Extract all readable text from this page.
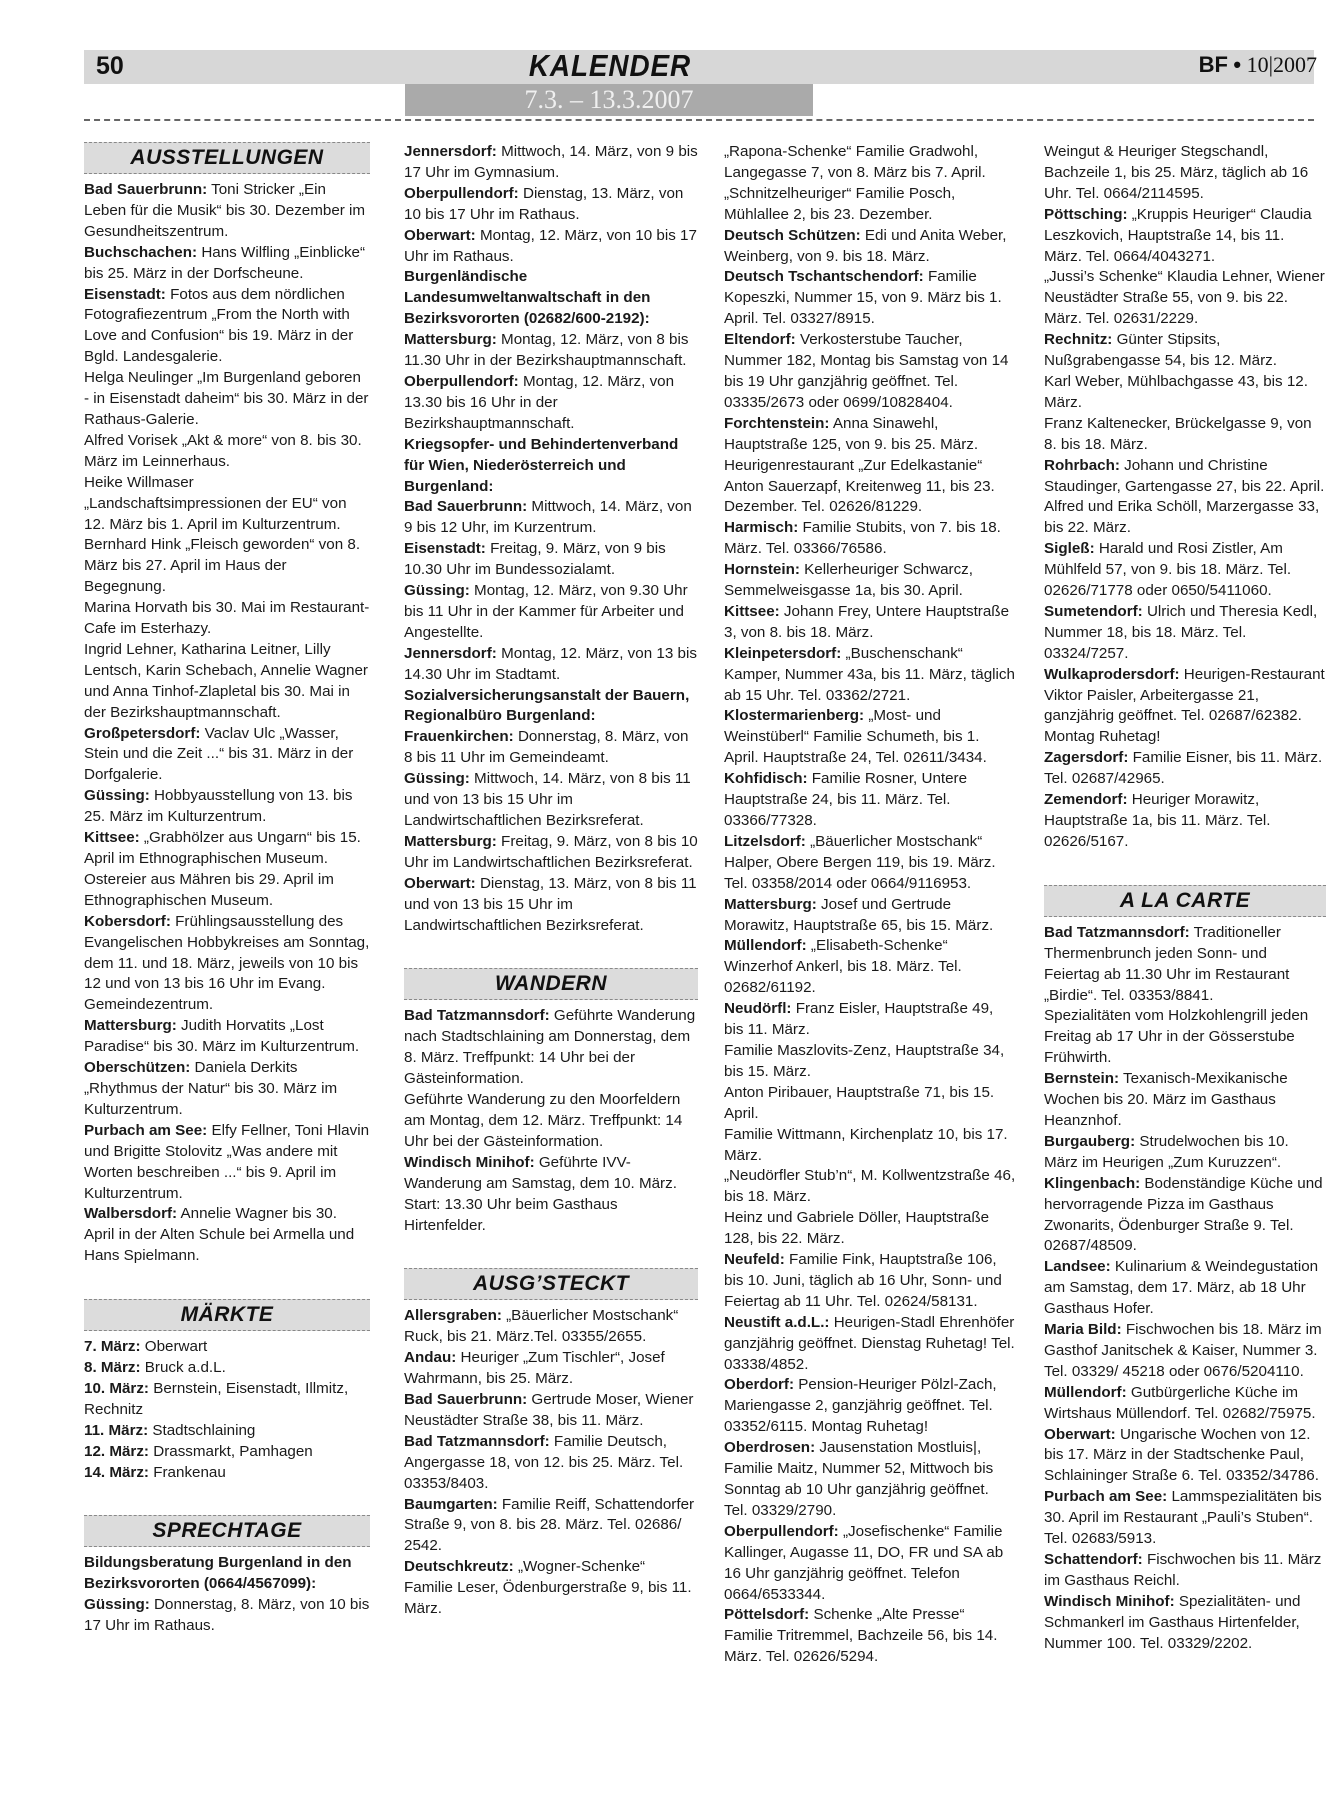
50	KALENDER
7.3. – 13.3.2007
BF • 10|2007
AUSSTELLUNGEN

Bad Sauerbrunn: Toni Stricker „Ein Leben für die Musik“ bis 30. Dezember im Gesundheitszentrum.

Buchschachen: Hans Wilfling „Einblicke“ bis 25. März in der Dorfscheune.

Eisenstadt: Fotos aus dem nördlichen Fotografiezentrum „From the North with Love and Confusion“ bis 19. März in der Bgld. Landesgalerie.

Helga Neulinger „Im Burgenland geboren - in Eisenstadt daheim“ bis 30. März in der Rathaus-Galerie.

Alfred Vorisek „Akt & more“ von 8. bis 30. März im Leinnerhaus.

Heike Willmaser „Landschaftsimpressionen der EU“ von 12. März bis 1. April im Kulturzentrum.

Bernhard Hink „Fleisch geworden“ von 8. März bis 27. April im Haus der Begegnung.

Marina Horvath bis 30. Mai im Restaurant-Cafe im Esterhazy.

Ingrid Lehner, Katharina Leitner, Lilly Lentsch, Karin Schebach, Annelie Wagner und Anna Tinhof-Zlapletal bis 30. Mai in der Bezirkshauptmannschaft.

Großpetersdorf: Vaclav Ulc „Wasser, Stein und die Zeit ...“ bis 31. März in der Dorfgalerie.

Güssing: Hobbyausstellung von 13. bis 25. März im Kulturzentrum.

Kittsee: „Grabhölzer aus Ungarn“ bis 15. April im Ethnographischen Museum.

Ostereier aus Mähren bis 29. April im Ethnographischen Museum.

Kobersdorf: Frühlingsausstellung des Evangelischen Hobbykreises am Sonntag, dem 11. und 18. März, jeweils von 10 bis 12 und von 13 bis 16 Uhr im Evang. Gemeindezentrum.

Mattersburg: Judith Horvatits „Lost Paradise“ bis 30. März im Kulturzentrum.

Oberschützen: Daniela Derkits „Rhythmus der Natur“ bis 30. März im Kulturzentrum.

Purbach am See: Elfy Fellner, Toni Hlavin und Brigitte Stolovitz „Was andere mit Worten beschreiben ...“ bis 9. April im Kulturzentrum.

Walbersdorf: Annelie Wagner bis 30. April in der Alten Schule bei Armella und Hans Spielmann.

MÄRKTE

7. März: Oberwart

8. März: Bruck a.d.L.

10. März: Bernstein, Eisenstadt, Illmitz, Rechnitz

11. März: Stadtschlaining

12. März: Drassmarkt, Pamhagen

14. März: Frankenau

SPRECHTAGE

Bildungsberatung Burgenland in den Bezirksvororten (0664/4567099):

Güssing: Donnerstag, 8. März, von 10 bis 17 Uhr im Rathaus.

Jennersdorf: Mittwoch, 14. März, von 9 bis 17 Uhr im Gymnasium.

Oberpullendorf: Dienstag, 13. März, von 10 bis 17 Uhr im Rathaus.

Oberwart: Montag, 12. März, von 10 bis 17 Uhr im Rathaus.

Burgenländische Landesumweltanwaltschaft in den Bezirksvororten (02682/600-2192):

Mattersburg: Montag, 12. März, von 8 bis 11.30 Uhr in der Bezirkshauptmannschaft.

Oberpullendorf: Montag, 12. März, von 13.30 bis 16 Uhr in der Bezirkshauptmannschaft.

Kriegsopfer- und Behindertenverband für Wien, Niederösterreich und Burgenland:

Bad Sauerbrunn: Mittwoch, 14. März, von 9 bis 12 Uhr, im Kurzentrum.

Eisenstadt: Freitag, 9. März, von 9 bis 10.30 Uhr im Bundessozialamt.

Güssing: Montag, 12. März, von 9.30 Uhr bis 11 Uhr in der Kammer für Arbeiter und Angestellte.

Jennersdorf: Montag, 12. März, von 13 bis 14.30 Uhr im Stadtamt.

Sozialversicherungsanstalt der Bauern, Regionalbüro Burgenland:

Frauenkirchen: Donnerstag, 8. März, von 8 bis 11 Uhr im Gemeindeamt.

Güssing: Mittwoch, 14. März, von 8 bis 11 und von 13 bis 15 Uhr im Landwirtschaftlichen Bezirksreferat.

Mattersburg: Freitag, 9. März, von 8 bis 10 Uhr im Landwirtschaftlichen Bezirksreferat.

Oberwart: Dienstag, 13. März, von 8 bis 11 und von 13 bis 15 Uhr im Landwirtschaftlichen Bezirksreferat.

WANDERN

Bad Tatzmannsdorf: Geführte Wanderung nach Stadtschlaining am Donnerstag, dem 8. März. Treffpunkt: 14 Uhr bei der Gästeinformation.

Geführte Wanderung zu den Moorfeldern am Montag, dem 12. März. Treffpunkt: 14 Uhr bei der Gästeinformation.

Windisch Minihof: Geführte IVV-Wanderung am Samstag, dem 10. März. Start: 13.30 Uhr beim Gasthaus Hirtenfelder.

AUSG’STECKT

Allersgraben: „Bäuerlicher Mostschank“ Ruck, bis 21. März.Tel. 03355/2655.

Andau: Heuriger „Zum Tischler“, Josef Wahrmann, bis 25. März.

Bad Sauerbrunn: Gertrude Moser, Wiener Neustädter Straße 38, bis 11. März.

Bad Tatzmannsdorf: Familie Deutsch, Angergasse 18, von 12. bis 25. März. Tel. 03353/8403.

Baumgarten: Familie Reiff, Schattendorfer Straße 9, von 8. bis 28. März. Tel. 02686/ 2542.

Deutschkreutz: „Wogner-Schenke“ Familie Leser, Ödenburgerstraße 9, bis 11. März.

„Rapona-Schenke“ Familie Gradwohl, Langegasse 7, von 8. März bis 7. April.

„Schnitzelheuriger“ Familie Posch, Mühlallee 2, bis 23. Dezember.

Deutsch Schützen: Edi und Anita Weber, Weinberg, von 9. bis 18. März.

Deutsch Tschantschendorf: Familie Kopeszki, Nummer 15, von 9. März bis 1. April. Tel. 03327/8915.

Eltendorf: Verkosterstube Taucher, Nummer 182, Montag bis Samstag von 14 bis 19 Uhr ganzjährig geöffnet. Tel. 03335/2673 oder 0699/10828404.

Forchtenstein: Anna Sinawehl, Hauptstraße 125, von 9. bis 25. März.

Heurigenrestaurant „Zur Edelkastanie“ Anton Sauerzapf, Kreitenweg 11, bis 23. Dezember. Tel. 02626/81229.

Harmisch: Familie Stubits, von 7. bis 18. März. Tel. 03366/76586.

Hornstein: Kellerheuriger Schwarcz, Semmelweisgasse 1a, bis 30. April.

Kittsee: Johann Frey, Untere Hauptstraße 3, von 8. bis 18. März.

Kleinpetersdorf: „Buschenschank“ Kamper, Nummer 43a, bis 11. März, täglich ab 15 Uhr. Tel. 03362/2721.

Klostermarienberg: „Most- und Weinstüberl“ Familie Schumeth, bis 1. April. Hauptstraße 24, Tel. 02611/3434.

Kohfidisch: Familie Rosner, Untere Hauptstraße 24, bis 11. März. Tel. 03366/77328.

Litzelsdorf: „Bäuerlicher Mostschank“ Halper, Obere Bergen 119, bis 19. März. Tel. 03358/2014 oder 0664/9116953.

Mattersburg: Josef und Gertrude Morawitz, Hauptstraße 65, bis 15. März.

Müllendorf: „Elisabeth-Schenke“ Winzerhof Ankerl, bis 18. März. Tel. 02682/61192.

Neudörfl: Franz Eisler, Hauptstraße 49, bis 11. März.

Familie Maszlovits-Zenz, Hauptstraße 34, bis 15. März.

Anton Piribauer, Hauptstraße 71, bis 15. April.

Familie Wittmann, Kirchenplatz 10, bis 17. März.

„Neudörfler Stub’n“, M. Kollwentzstraße 46, bis 18. März.

Heinz und Gabriele Döller, Hauptstraße 128, bis 22. März.

Neufeld: Familie Fink, Hauptstraße 106, bis 10. Juni, täglich ab 16 Uhr, Sonn- und Feiertag ab 11 Uhr. Tel. 02624/58131.

Neustift a.d.L.: Heurigen-Stadl Ehrenhöfer ganzjährig geöffnet. Dienstag Ruhetag! Tel. 03338/4852.

Oberdorf: Pension-Heuriger Pölzl-Zach, Mariengasse 2, ganzjährig geöffnet. Tel. 03352/6115. Montag Ruhetag!

Oberdrosen: Jausenstation Mostluis|, Familie Maitz, Nummer 52, Mittwoch bis Sonntag ab 10 Uhr ganzjährig geöffnet. Tel. 03329/2790.

Oberpullendorf: „Josefischenke“ Familie Kallinger, Augasse 11, DO, FR und SA ab 16 Uhr ganzjährig geöffnet. Telefon 0664/6533344.

Pöttelsdorf: Schenke „Alte Presse“ Familie Tritremmel, Bachzeile 56, bis 14. März. Tel. 02626/5294.

Weingut & Heuriger Stegschandl, Bachzeile 1, bis 25. März, täglich ab 16 Uhr. Tel. 0664/2114595.

Pöttsching: „Kruppis Heuriger“ Claudia Leszkovich, Hauptstraße 14, bis 11. März. Tel. 0664/4043271.

„Jussi’s Schenke“ Klaudia Lehner, Wiener Neustädter Straße 55, von 9. bis 22. März. Tel. 02631/2229.

Rechnitz: Günter Stipsits, Nußgrabengasse 54, bis 12. März.

Karl Weber, Mühlbachgasse 43, bis 12. März.

Franz Kaltenecker, Brückelgasse 9, von 8. bis 18. März.

Rohrbach: Johann und Christine Staudinger, Gartengasse 27, bis 22. April.

Alfred und Erika Schöll, Marzergasse 33, bis 22. März.

Sigleß: Harald und Rosi Zistler, Am Mühlfeld 57, von 9. bis 18. März. Tel. 02626/71778 oder 0650/5411060.

Sumetendorf: Ulrich und Theresia Kedl, Nummer 18, bis 18. März. Tel. 03324/7257.

Wulkaprodersdorf: Heurigen-Restaurant Viktor Paisler, Arbeitergasse 21, ganzjährig geöffnet. Tel. 02687/62382. Montag Ruhetag!

Zagersdorf: Familie Eisner, bis 11. März. Tel. 02687/42965.

Zemendorf: Heuriger Morawitz, Hauptstraße 1a, bis 11. März. Tel. 02626/5167.

A LA CARTE

Bad Tatzmannsdorf: Traditioneller Thermenbrunch jeden Sonn- und Feiertag ab 11.30 Uhr im Restaurant „Birdie“. Tel. 03353/8841.

Spezialitäten vom Holzkohlengrill jeden Freitag ab 17 Uhr in der Gösserstube Frühwirth.

Bernstein: Texanisch-Mexikanische Wochen bis 20. März im Gasthaus Heanznhof.

Burgauberg: Strudelwochen bis 10. März im Heurigen „Zum Kuruzzen“.

Klingenbach: Bodenständige Küche und hervorragende Pizza im Gasthaus Zwonarits, Ödenburger Straße 9. Tel. 02687/48509.

Landsee: Kulinarium & Weindegustation am Samstag, dem 17. März, ab 18 Uhr Gasthaus Hofer.

Maria Bild: Fischwochen bis 18. März im Gasthof Janitschek & Kaiser, Nummer 3. Tel. 03329/ 45218 oder 0676/5204110.

Müllendorf: Gutbürgerliche Küche im Wirtshaus Müllendorf. Tel. 02682/75975.

Oberwart: Ungarische Wochen von 12. bis 17. März in der Stadtschenke Paul, Schlaininger Straße 6. Tel. 03352/34786.

Purbach am See: Lammspezialitäten bis 30. April im Restaurant „Pauli’s Stuben“. Tel. 02683/5913.

Schattendorf: Fischwochen bis 11. März im Gasthaus Reichl.

Windisch Minihof: Spezialitäten- und Schmankerl im Gasthaus Hirtenfelder, Nummer 100. Tel. 03329/2202.
